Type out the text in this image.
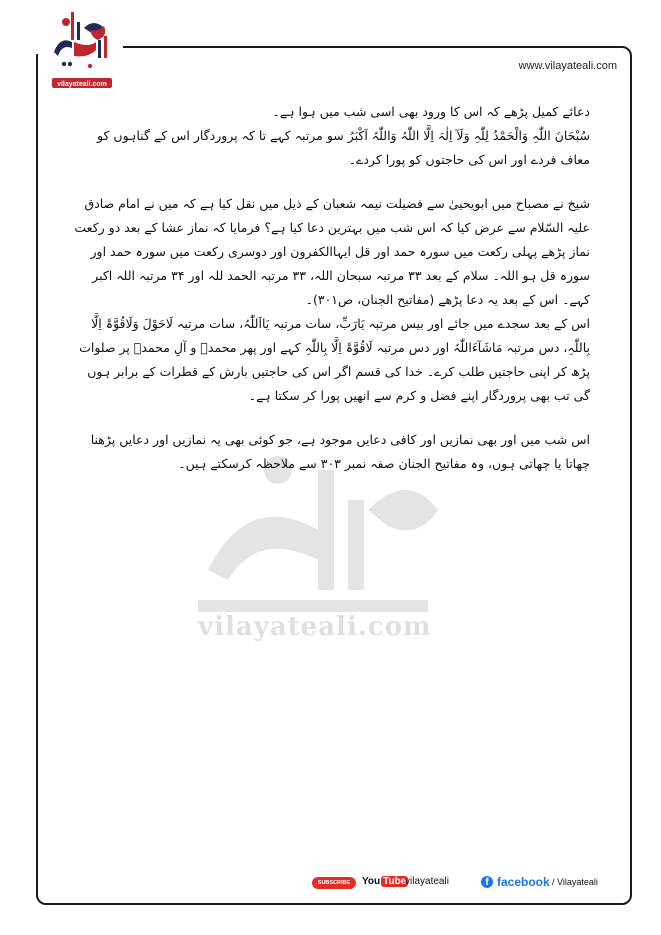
vilayateali.com
www.vilayateali.com
vilayateali.com

دعائے کمیل پڑھے کہ اس کا ورود بھی اسی شب میں ہوا ہے۔

سُبْحَانَ اللّٰہِ وَالْحَمْدُ لِلّٰہِ وَلَآ اِلٰہَ اِلَّا اللّٰہُ وَاللّٰہُ اَکْبَرُ سو مرتبہ کہے تا کہ پروردگار اس کے گناہوں کو معاف فردے اور اس کی حاجتوں کو پورا کردے۔

شیخ نے مصباح میں ابویحییٰ سے فضیلت نیمہ شعبان کے ذیل میں نقل کیا ہے کہ میں نے امام صادق علیہ السّلام سے عرض کیا کہ اس شب میں بہترین دعا کیا ہے؟ فرمایا کہ نماز عشا کے بعد دو رکعت نماز پڑھے پہلی رکعت میں سورہ حمد اور قل ایہاالکفرون اور دوسری رکعت میں سورہ حمد اور سورہ قل ہو اللہ۔ سلام کے بعد ۳۳ مرتبہ سبحان اللہ، ۳۳ مرتبہ الحمد للہ اور ۳۴ مرتبہ اللہ اکبر کہے۔ اس کے بعد یہ دعا پڑھے (مفاتیح الجنان، ص۳۰۱)۔

اس کے بعد سجدے میں جائے اور بیس مرتبہ یَارَبِّ، سات مرتبہ یَااَللّٰہُ، سات مرتبہ لَاحَوْلَ وَلَاقُوَّۃَ اِلَّا بِاللّٰہِ، دس مرتبہ مَاشَآءَاللّٰہُ اور دس مرتبہ لَاقُوَّۃَ اِلَّا بِاللّٰہِ کہے اور پھر محمدؐ و آلِ محمدؐ پر صلوات پڑھ کر اپنی حاجتیں طلب کرے۔ خدا کی قسم اگر اس کی حاجتیں بارش کے قطرات کے برابر ہوں گی تب بھی پروردگار اپنے فضل و کرم سے انھیں پورا کر سکتا ہے۔

اس شب میں اور بھی نمازیں اور کافی دعایں موجود ہے، جو کوئی بھی یہ نمازیں اور دعایں پڑھنا چھاتا یا چھاتی ہوں، وہ مفاتیح الجنان صفہ نمبر ۳۰۳ سے ملاحظہ کرسکتے ہیں۔

SUBSCRIBE You Tube
vilayateali	f facebook / Vilayateali
